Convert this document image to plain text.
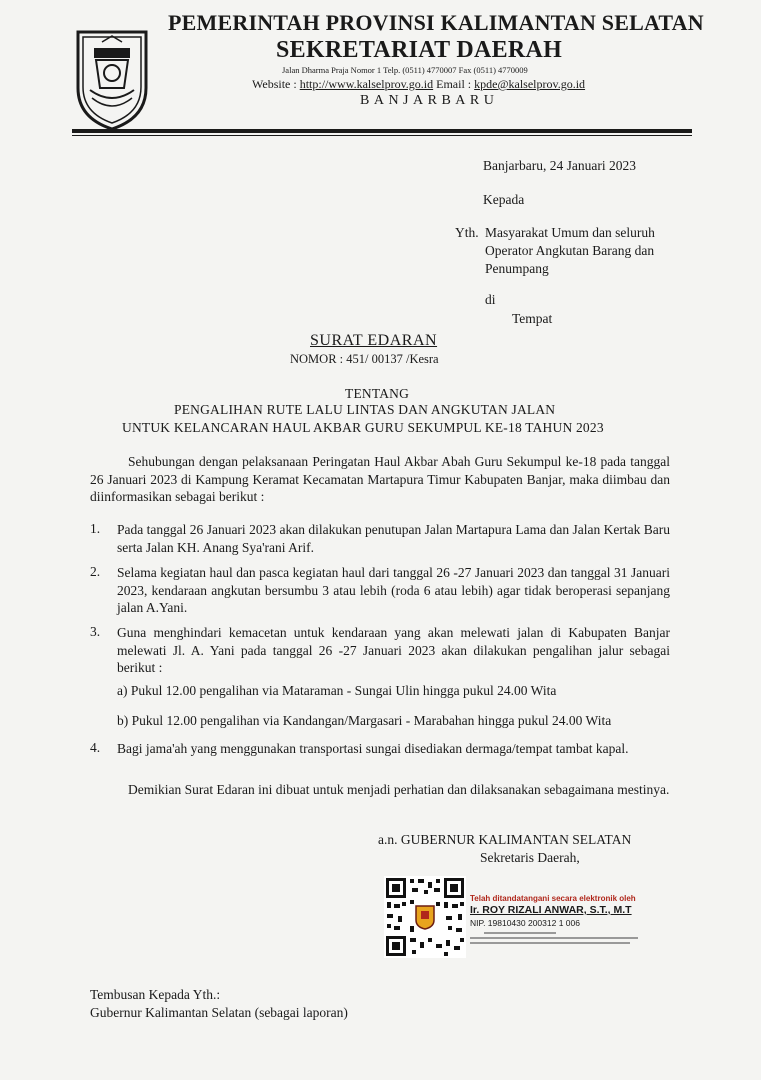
PEMERINTAH PROVINSI KALIMANTAN SELATAN
SEKRETARIAT DAERAH
Jalan Dharma Praja Nomor 1 Telp. (0511) 4770007 Fax (0511) 4770009
Website : http://www.kalselprov.go.id Email : kpde@kalselprov.go.id
BANJARBARU
Banjarbaru, 24 Januari 2023
Kepada
Yth. Masyarakat Umum dan seluruh
Operator Angkutan Barang dan
Penumpang
di
Tempat
SURAT EDARAN
NOMOR : 451/ 00137 /Kesra
TENTANG
PENGALIHAN RUTE LALU LINTAS DAN ANGKUTAN JALAN
UNTUK KELANCARAN HAUL AKBAR GURU SEKUMPUL KE-18 TAHUN 2023
Sehubungan dengan pelaksanaan Peringatan Haul Akbar Abah Guru Sekumpul ke-18 pada tanggal 26 Januari 2023 di Kampung Keramat Kecamatan Martapura Timur Kabupaten Banjar, maka diimbau dan diinformasikan sebagai berikut :
1. Pada tanggal 26 Januari 2023 akan dilakukan penutupan Jalan Martapura Lama dan Jalan Kertak Baru serta Jalan KH. Anang Sya'rani Arif.
2. Selama kegiatan haul dan pasca kegiatan haul dari tanggal 26 -27 Januari 2023 dan tanggal 31 Januari 2023, kendaraan angkutan bersumbu 3 atau lebih (roda 6 atau lebih) agar tidak beroperasi sepanjang jalan A.Yani.
3. Guna menghindari kemacetan untuk kendaraan yang akan melewati jalan di Kabupaten Banjar melewati Jl. A. Yani pada tanggal 26 -27 Januari 2023 akan dilakukan pengalihan jalur sebagai berikut :
a) Pukul 12.00 pengalihan via Mataraman - Sungai Ulin hingga pukul 24.00 Wita
b) Pukul 12.00 pengalihan via Kandangan/Margasari - Marabahan hingga pukul 24.00 Wita
4. Bagi jama'ah yang menggunakan transportasi sungai disediakan dermaga/tempat tambat kapal.
Demikian Surat Edaran ini dibuat untuk menjadi perhatian dan dilaksanakan sebagaimana mestinya.
a.n. GUBERNUR KALIMANTAN SELATAN
Sekretaris Daerah,
Telah ditandatangani secara elektronik oleh
Ir. ROY RIZALI ANWAR, S.T., M.T
NIP. 19810430 200312 1 006
Tembusan Kepada Yth.:
Gubernur Kalimantan Selatan (sebagai laporan)
